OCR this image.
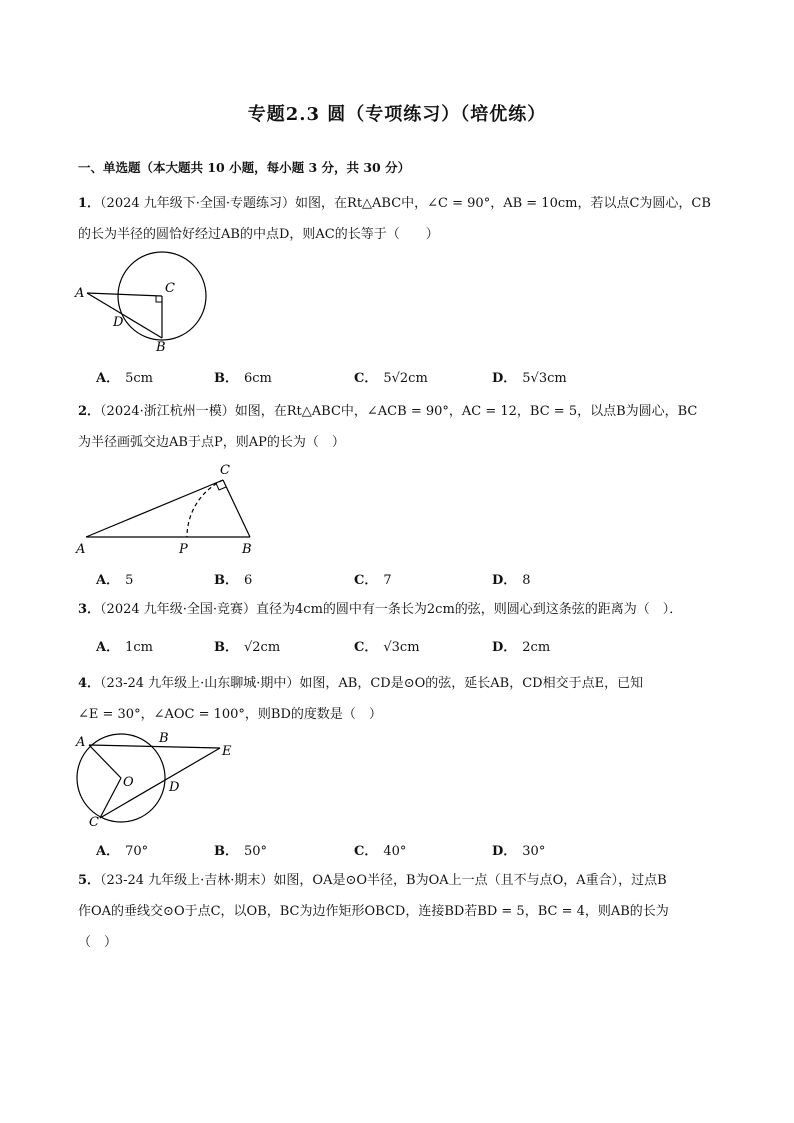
专题2.3 圆（专项练习）（培优练）
一、单选题（本大题共 10 小题，每小题 3 分，共 30 分）
1．（2024 九年级下·全国·专题练习）如图，在Rt△ABC中，∠C = 90°，AB = 10cm，若以点C为圆心，CB
的长为半径的圆恰好经过AB的中点D，则AC的长等于（　　）
A	C
D
B
A． 5cm	B． 6cm	C． 5√2cm	D． 5√3cm
2．（2024·浙江杭州一模）如图，在Rt△ABC中，∠ACB = 90°，AC = 12，BC = 5，以点B为圆心，BC
为半径画弧交边AB于点P，则AP的长为（　）
C
A	P	B
A． 5	B． 6	C． 7	D． 8
3．（2024 九年级·全国·竞赛）直径为4cm的圆中有一条长为2cm的弦，则圆心到这条弦的距离为（　）．
A． 1cm	B． √2cm	C． √3cm	D． 2cm
4．（23-24 九年级上·山东聊城·期中）如图，AB，CD是⊙O的弦，延长AB，CD相交于点E，已知
∠E = 30°，∠AOC = 100°，则BD的度数是（　）
A	B
E
O	D
C
A． 70°	B． 50°	C． 40°	D． 30°
5．（23-24 九年级上·吉林·期末）如图，OA是⊙O半径，B为OA上一点（且不与点O，A重合），过点B
作OA的垂线交⊙O于点C，以OB，BC为边作矩形OBCD，连接BD若BD = 5，BC = 4，则AB的长为
（　）
